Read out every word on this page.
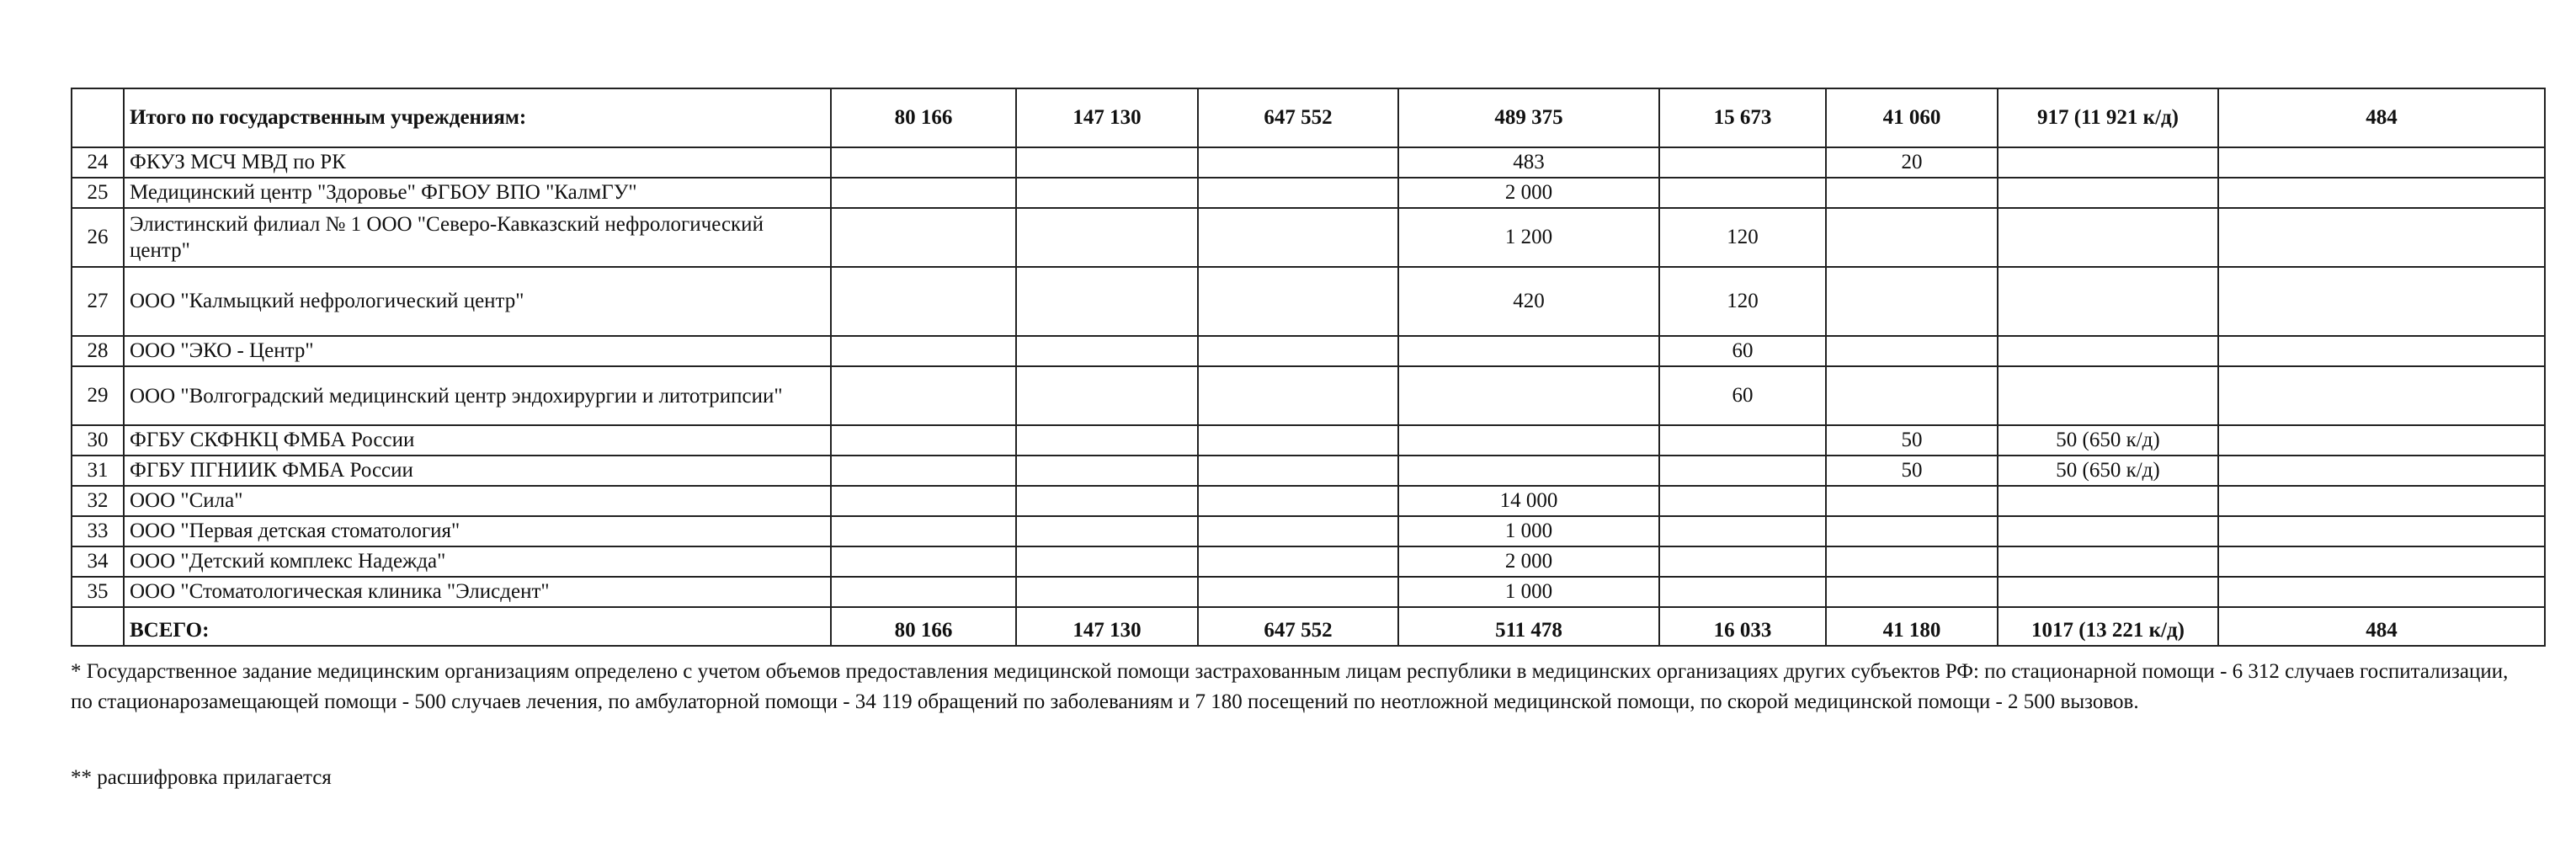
	Итого по государственным учреждениям:	80 166	147 130	647 552	489 375	15 673	41 060	917 (11 921 к/д)	484
24	ФКУЗ МСЧ МВД по РК				483		20		
25	Медицинский центр "Здоровье" ФГБОУ ВПО "КалмГУ"				2 000				
26	Элистинский филиал № 1 ООО "Северо-Кавказский нефрологический центр"				1 200	120			
27	ООО "Калмыцкий нефрологический центр"				420	120			
28	ООО "ЭКО - Центр"					60			
29	ООО "Волгоградский медицинский центр эндохирургии и литотрипсии"					60			
30	ФГБУ СКФНКЦ ФМБА России						50	50 (650 к/д)	
31	ФГБУ ПГНИИК ФМБА России						50	50 (650 к/д)	
32	ООО "Сила"				14 000				
33	ООО "Первая детская стоматология"				1 000				
34	ООО "Детский комплекс Надежда"				2 000				
35	ООО "Стоматологическая клиника "Элисдент"				1 000				
	ВСЕГО:	80 166	147 130	647 552	511 478	16 033	41 180	1017 (13 221 к/д)	484
* Государственное задание медицинским организациям определено с учетом объемов предоставления медицинской помощи застрахованным лицам республики в медицинских организациях других субъектов РФ: по стационарной помощи - 6 312 случаев госпитализации, по стационарозамещающей помощи - 500 случаев лечения, по амбулаторной помощи - 34 119 обращений по заболеваниям и 7 180 посещений по неотложной медицинской помощи, по скорой медицинской помощи - 2 500 вызовов.
** расшифровка прилагается
